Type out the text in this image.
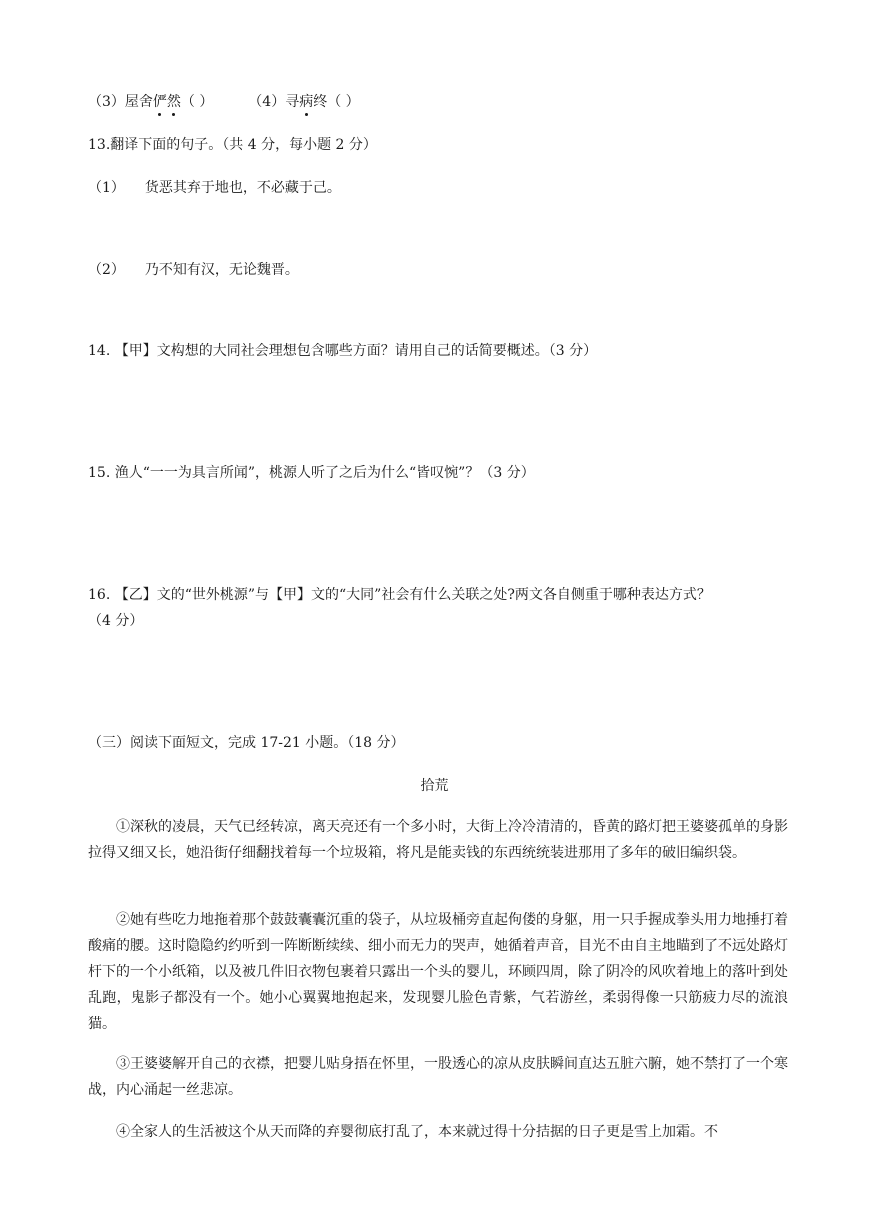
（3）屋舍俨然（ ） （4）寻病终（ ）
13.翻译下面的句子。（共 4 分，每小题 2 分）
（1） 货恶其弃于地也，不必藏于己。
（2） 乃不知有汉，无论魏晋。
14. 【甲】文构想的大同社会理想包含哪些方面？请用自己的话简要概述。（3 分）
15. 渔人“一一为具言所闻”，桃源人听了之后为什么“皆叹惋”？（3 分）
16. 【乙】文的“世外桃源”与【甲】文的“大同”社会有什么关联之处?两文各自侧重于哪种表达方式？
（4 分）
（三）阅读下面短文，完成 17-21 小题。（18 分）
拾荒

①深秋的凌晨，天气已经转凉，离天亮还有一个多小时，大街上冷冷清清的，昏黄的路灯把王婆婆孤单的身影拉得又细又长，她沿街仔细翻找着每一个垃圾箱，将凡是能卖钱的东西统统装进那用了多年的破旧编织袋。

②她有些吃力地拖着那个鼓鼓囊囊沉重的袋子，从垃圾桶旁直起佝偻的身躯，用一只手握成拳头用力地捶打着酸痛的腰。这时隐隐约约听到一阵断断续续、细小而无力的哭声，她循着声音，目光不由自主地瞄到了不远处路灯杆下的一个小纸箱，以及被几件旧衣物包裹着只露出一个头的婴儿，环顾四周，除了阴冷的风吹着地上的落叶到处乱跑，鬼影子都没有一个。她小心翼翼地抱起来，发现婴儿脸色青紫，气若游丝，柔弱得像一只筋疲力尽的流浪猫。

③王婆婆解开自己的衣襟，把婴儿贴身捂在怀里，一股透心的凉从皮肤瞬间直达五脏六腑，她不禁打了一个寒战，内心涌起一丝悲凉。

④全家人的生活被这个从天而降的弃婴彻底打乱了，本来就过得十分拮据的日子更是雪上加霜。不
